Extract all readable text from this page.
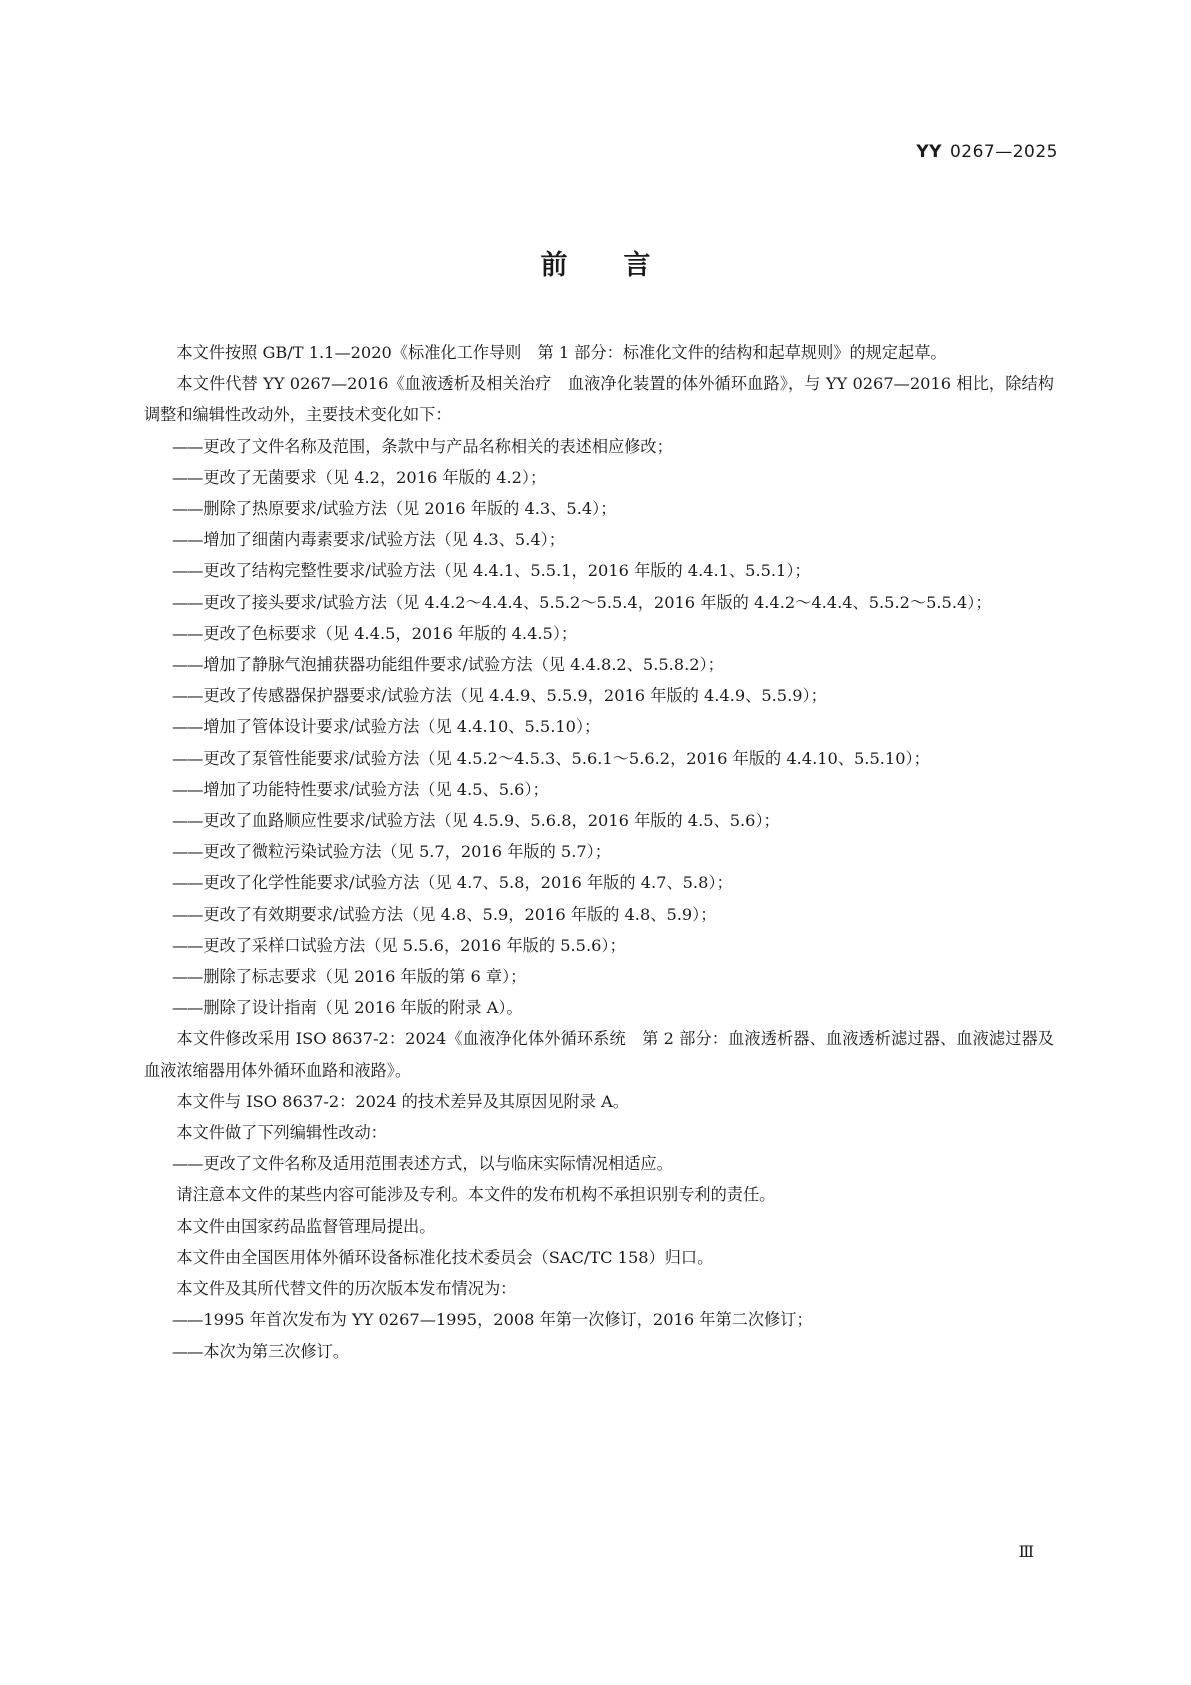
YY 0267—2025
前言

本文件按照 GB/T 1.1—2020《标准化工作导则　第 1 部分：标准化文件的结构和起草规则》的规定起草。

本文件代替 YY 0267—2016《血液透析及相关治疗　血液净化装置的体外循环血路》，与 YY 0267—2016 相比，除结构调整和编辑性改动外，主要技术变化如下：

——更改了文件名称及范围，条款中与产品名称相关的表述相应修改；

——更改了无菌要求（见 4.2，2016 年版的 4.2）；

——删除了热原要求/试验方法（见 2016 年版的 4.3、5.4）；

——增加了细菌内毒素要求/试验方法（见 4.3、5.4）；

——更改了结构完整性要求/试验方法（见 4.4.1、5.5.1，2016 年版的 4.4.1、5.5.1）；

——更改了接头要求/试验方法（见 4.4.2～4.4.4、5.5.2～5.5.4，2016 年版的 4.4.2～4.4.4、5.5.2～5.5.4）；

——更改了色标要求（见 4.4.5，2016 年版的 4.4.5）；

——增加了静脉气泡捕获器功能组件要求/试验方法（见 4.4.8.2、5.5.8.2）；

——更改了传感器保护器要求/试验方法（见 4.4.9、5.5.9，2016 年版的 4.4.9、5.5.9）；

——增加了管体设计要求/试验方法（见 4.4.10、5.5.10）；

——更改了泵管性能要求/试验方法（见 4.5.2～4.5.3、5.6.1～5.6.2，2016 年版的 4.4.10、5.5.10）；

——增加了功能特性要求/试验方法（见 4.5、5.6）；

——更改了血路顺应性要求/试验方法（见 4.5.9、5.6.8，2016 年版的 4.5、5.6）；

——更改了微粒污染试验方法（见 5.7，2016 年版的 5.7）；

——更改了化学性能要求/试验方法（见 4.7、5.8，2016 年版的 4.7、5.8）；

——更改了有效期要求/试验方法（见 4.8、5.9，2016 年版的 4.8、5.9）；

——更改了采样口试验方法（见 5.5.6，2016 年版的 5.5.6）；

——删除了标志要求（见 2016 年版的第 6 章）；

——删除了设计指南（见 2016 年版的附录 A）。

本文件修改采用 ISO 8637-2：2024《血液净化体外循环系统　第 2 部分：血液透析器、血液透析滤过器、血液滤过器及血液浓缩器用体外循环血路和液路》。

本文件与 ISO 8637-2：2024 的技术差异及其原因见附录 A。

本文件做了下列编辑性改动：

——更改了文件名称及适用范围表述方式，以与临床实际情况相适应。

请注意本文件的某些内容可能涉及专利。本文件的发布机构不承担识别专利的责任。

本文件由国家药品监督管理局提出。

本文件由全国医用体外循环设备标准化技术委员会（SAC/TC 158）归口。

本文件及其所代替文件的历次版本发布情况为：

——1995 年首次发布为 YY 0267—1995，2008 年第一次修订，2016 年第二次修订；

——本次为第三次修订。

Ⅲ
